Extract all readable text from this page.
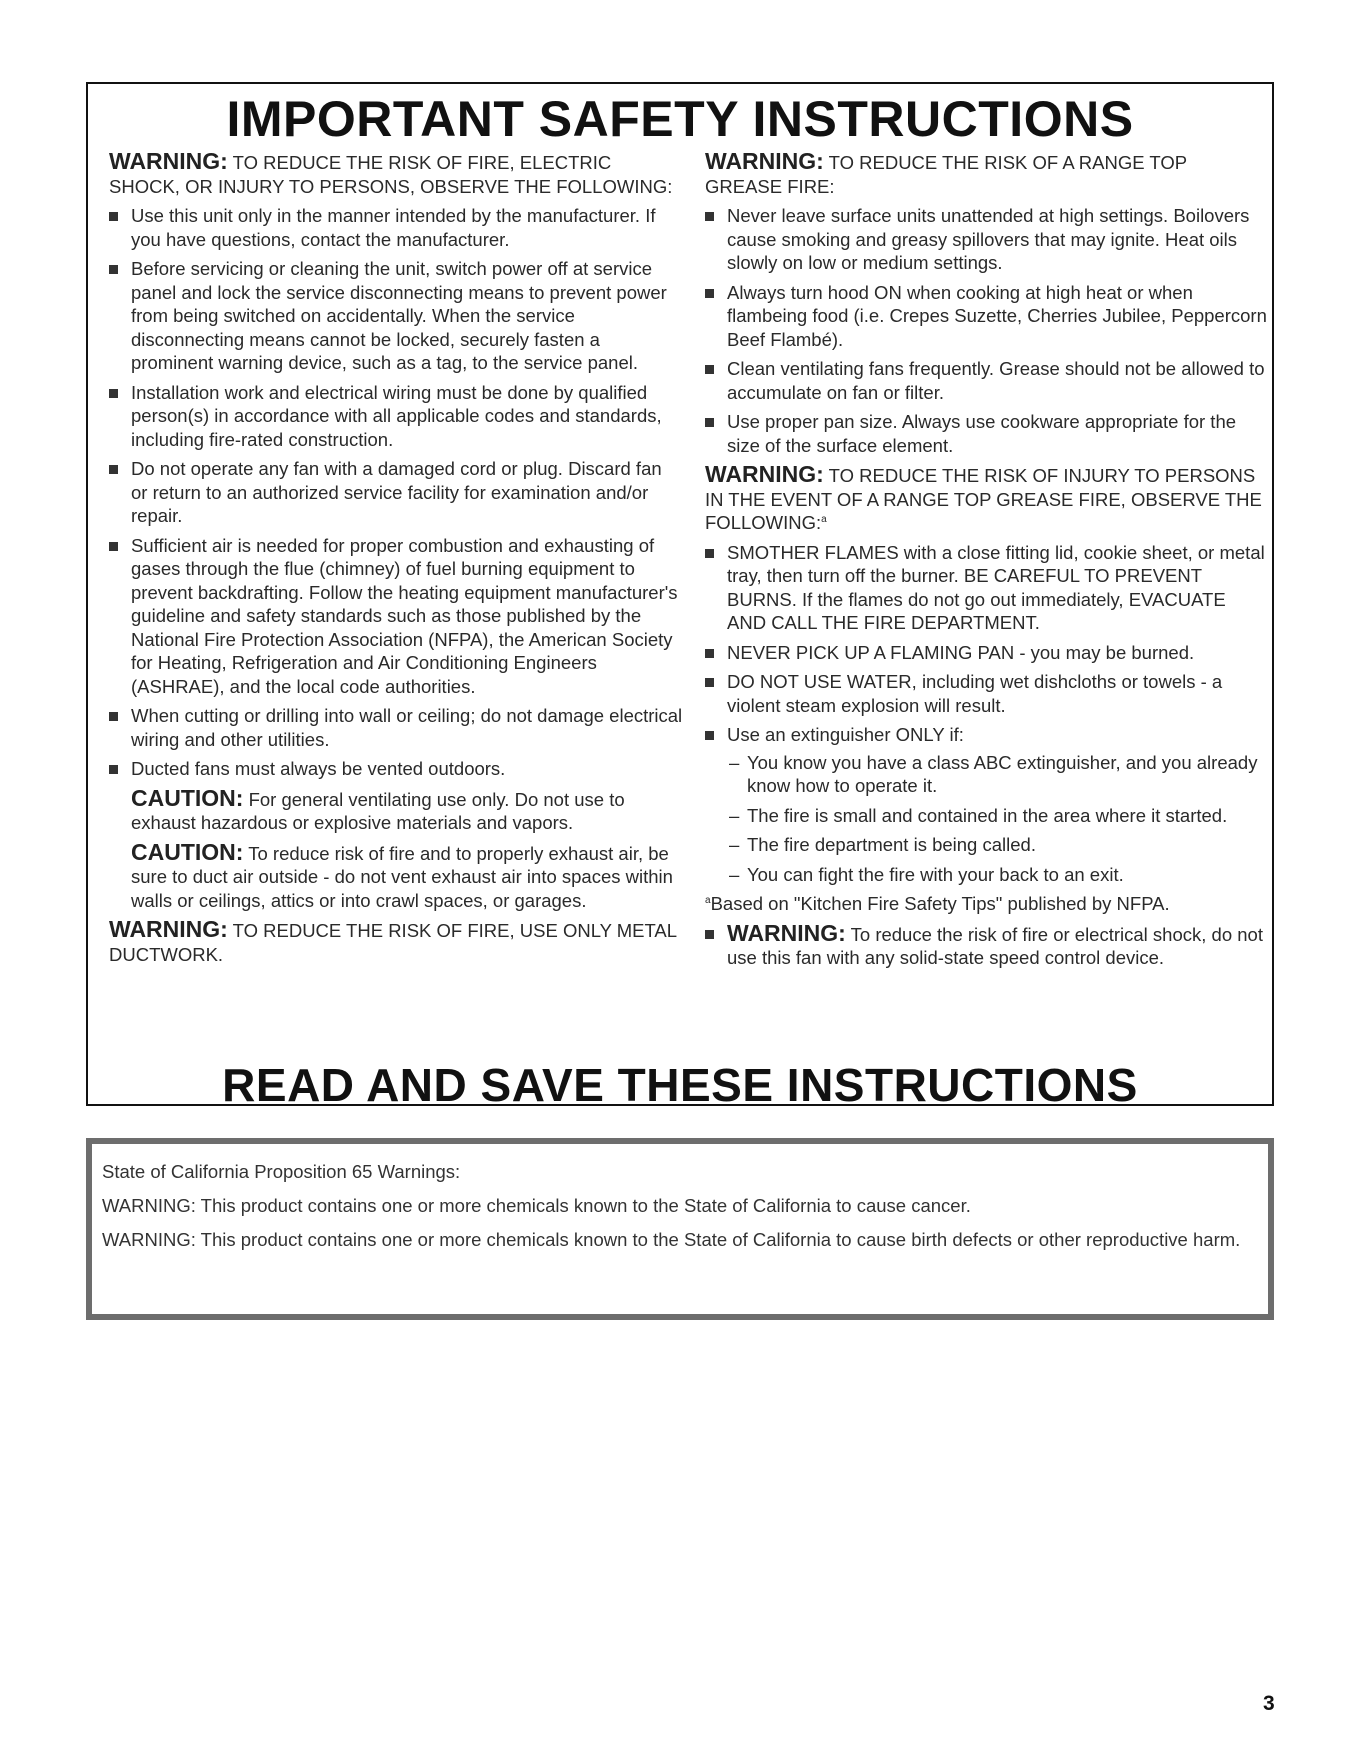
IMPORTANT SAFETY INSTRUCTIONS

WARNING: TO REDUCE THE RISK OF FIRE, ELECTRIC SHOCK, OR INJURY TO PERSONS, OBSERVE THE FOLLOWING:

Use this unit only in the manner intended by the manufacturer. If you have questions, contact the manufacturer.
Before servicing or cleaning the unit, switch power off at service panel and lock the service disconnecting means to prevent power from being switched on accidentally. When the service disconnecting means cannot be locked, securely fasten a prominent warning device, such as a tag, to the service panel.
Installation work and electrical wiring must be done by qualified person(s) in accordance with all applicable codes and standards, including fire-rated construction.
Do not operate any fan with a damaged cord or plug. Discard fan or return to an authorized service facility for examination and/or repair.
Sufficient air is needed for proper combustion and exhausting of gases through the flue (chimney) of fuel burning equipment to prevent backdrafting. Follow the heating equipment manufacturer's guideline and safety standards such as those published by the National Fire Protection Association (NFPA), the American Society for Heating, Refrigeration and Air Conditioning Engineers (ASHRAE), and the local code authorities.
When cutting or drilling into wall or ceiling; do not damage electrical wiring and other utilities.
Ducted fans must always be vented outdoors.

CAUTION: For general ventilating use only. Do not use to exhaust hazardous or explosive materials and vapors.

CAUTION: To reduce risk of fire and to properly exhaust air, be sure to duct air outside - do not vent exhaust air into spaces within walls or ceilings, attics or into crawl spaces, or garages.

WARNING: TO REDUCE THE RISK OF FIRE, USE ONLY METAL DUCTWORK.

WARNING: TO REDUCE THE RISK OF A RANGE TOP GREASE FIRE:

Never leave surface units unattended at high settings. Boilovers cause smoking and greasy spillovers that may ignite. Heat oils slowly on low or medium settings.
Always turn hood ON when cooking at high heat or when flambeing food (i.e. Crepes Suzette, Cherries Jubilee, Peppercorn Beef Flambé).
Clean ventilating fans frequently. Grease should not be allowed to accumulate on fan or filter.
Use proper pan size. Always use cookware appropriate for the size of the surface element.

WARNING: TO REDUCE THE RISK OF INJURY TO PERSONS IN THE EVENT OF A RANGE TOP GREASE FIRE, OBSERVE THE FOLLOWING:$^a$

SMOTHER FLAMES with a close fitting lid, cookie sheet, or metal tray, then turn off the burner. BE CAREFUL TO PREVENT BURNS. If the flames do not go out immediately, EVACUATE AND CALL THE FIRE DEPARTMENT.
NEVER PICK UP A FLAMING PAN - you may be burned.
DO NOT USE WATER, including wet dishcloths or towels - a violent steam explosion will result.
Use an extinguisher ONLY if:
– You know you have a class ABC extinguisher, and you already know how to operate it.
– The fire is small and contained in the area where it started.
– The fire department is being called.
– You can fight the fire with your back to an exit.

$^a$Based on "Kitchen Fire Safety Tips" published by NFPA.

WARNING: To reduce the risk of fire or electrical shock, do not use this fan with any solid-state speed control device.
READ AND SAVE THESE INSTRUCTIONS

State of California Proposition 65 Warnings:

WARNING: This product contains one or more chemicals known to the State of California to cause cancer.

WARNING: This product contains one or more chemicals known to the State of California to cause birth defects or other reproductive harm.

3
